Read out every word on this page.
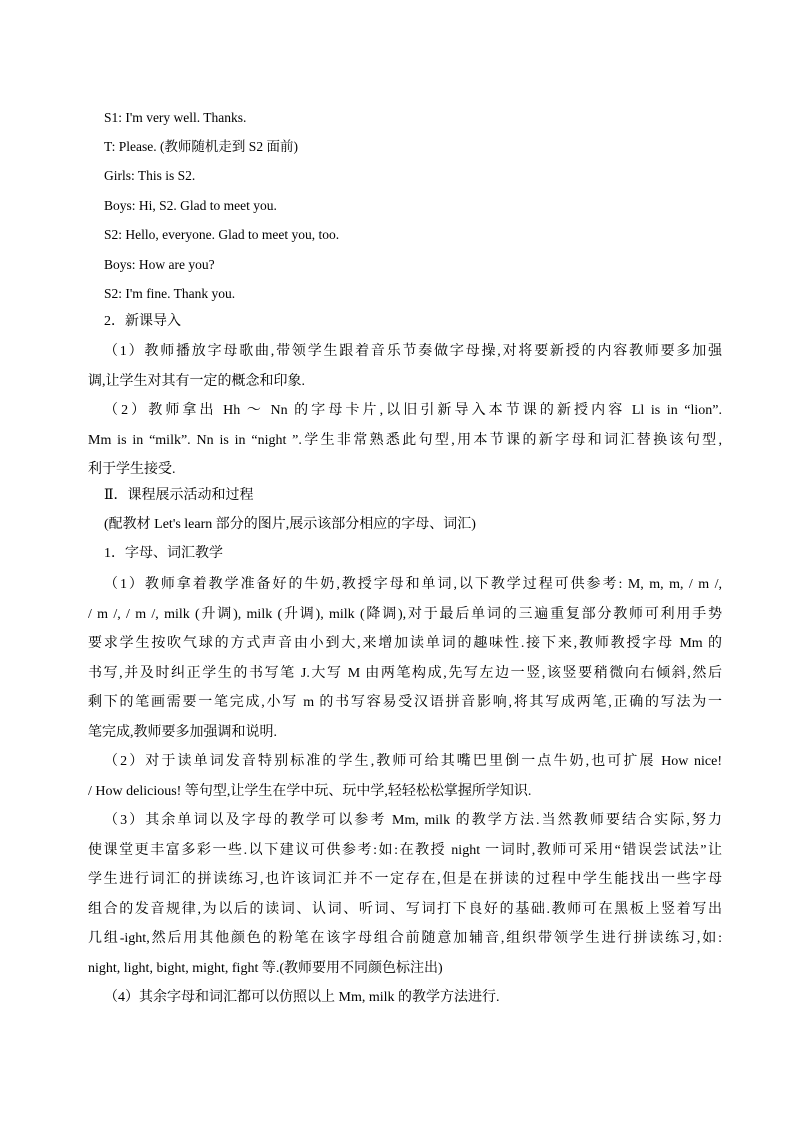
S1: I'm very well. Thanks.
T: Please. (教师随机走到 S2 面前)
Girls: This is S2.
Boys: Hi, S2. Glad to meet you.
S2: Hello, everyone. Glad to meet you, too.
Boys: How are you?
S2: I'm fine. Thank you.
2．新课导入
（1）教师播放字母歌曲,带领学生跟着音乐节奏做字母操,对将要新授的内容教师要多加强
调,让学生对其有一定的概念和印象.
（2）教师拿出 Hh ～ Nn 的字母卡片,以旧引新导入本节课的新授内容 Ll is in “lion”.
Mm is in “milk”. Nn is in “night ”.学生非常熟悉此句型,用本节课的新字母和词汇替换该句型,
利于学生接受.
Ⅱ．课程展示活动和过程
(配教材 Let's learn 部分的图片,展示该部分相应的字母、词汇)
1．字母、词汇教学
（1）教师拿着教学准备好的牛奶,教授字母和单词,以下教学过程可供参考: M, m, m, / m /,
/ m /, / m /, milk (升调), milk (升调), milk (降调),对于最后单词的三遍重复部分教师可利用手势
要求学生按吹气球的方式声音由小到大,来增加读单词的趣味性.接下来,教师教授字母 Mm 的
书写,并及时纠正学生的书写笔 J.大写 M 由两笔构成,先写左边一竖,该竖要稍微向右倾斜,然后
剩下的笔画需要一笔完成,小写 m 的书写容易受汉语拼音影响,将其写成两笔,正确的写法为一
笔完成,教师要多加强调和说明.
（2）对于读单词发音特别标准的学生,教师可给其嘴巴里倒一点牛奶,也可扩展 How nice!
/ How delicious! 等句型,让学生在学中玩、玩中学,轻轻松松掌握所学知识.
（3）其余单词以及字母的教学可以参考 Mm, milk 的教学方法.当然教师要结合实际,努力
使课堂更丰富多彩一些.以下建议可供参考:如:在教授 night 一词时,教师可采用“错误尝试法”让
学生进行词汇的拼读练习,也许该词汇并不一定存在,但是在拼读的过程中学生能找出一些字母
组合的发音规律,为以后的读词、认词、听词、写词打下良好的基础.教师可在黑板上竖着写出
几组-ight,然后用其他颜色的粉笔在该字母组合前随意加辅音,组织带领学生进行拼读练习,如:
night, light, bight, might, fight 等.(教师要用不同颜色标注出)
（4）其余字母和词汇都可以仿照以上 Mm, milk 的教学方法进行.
